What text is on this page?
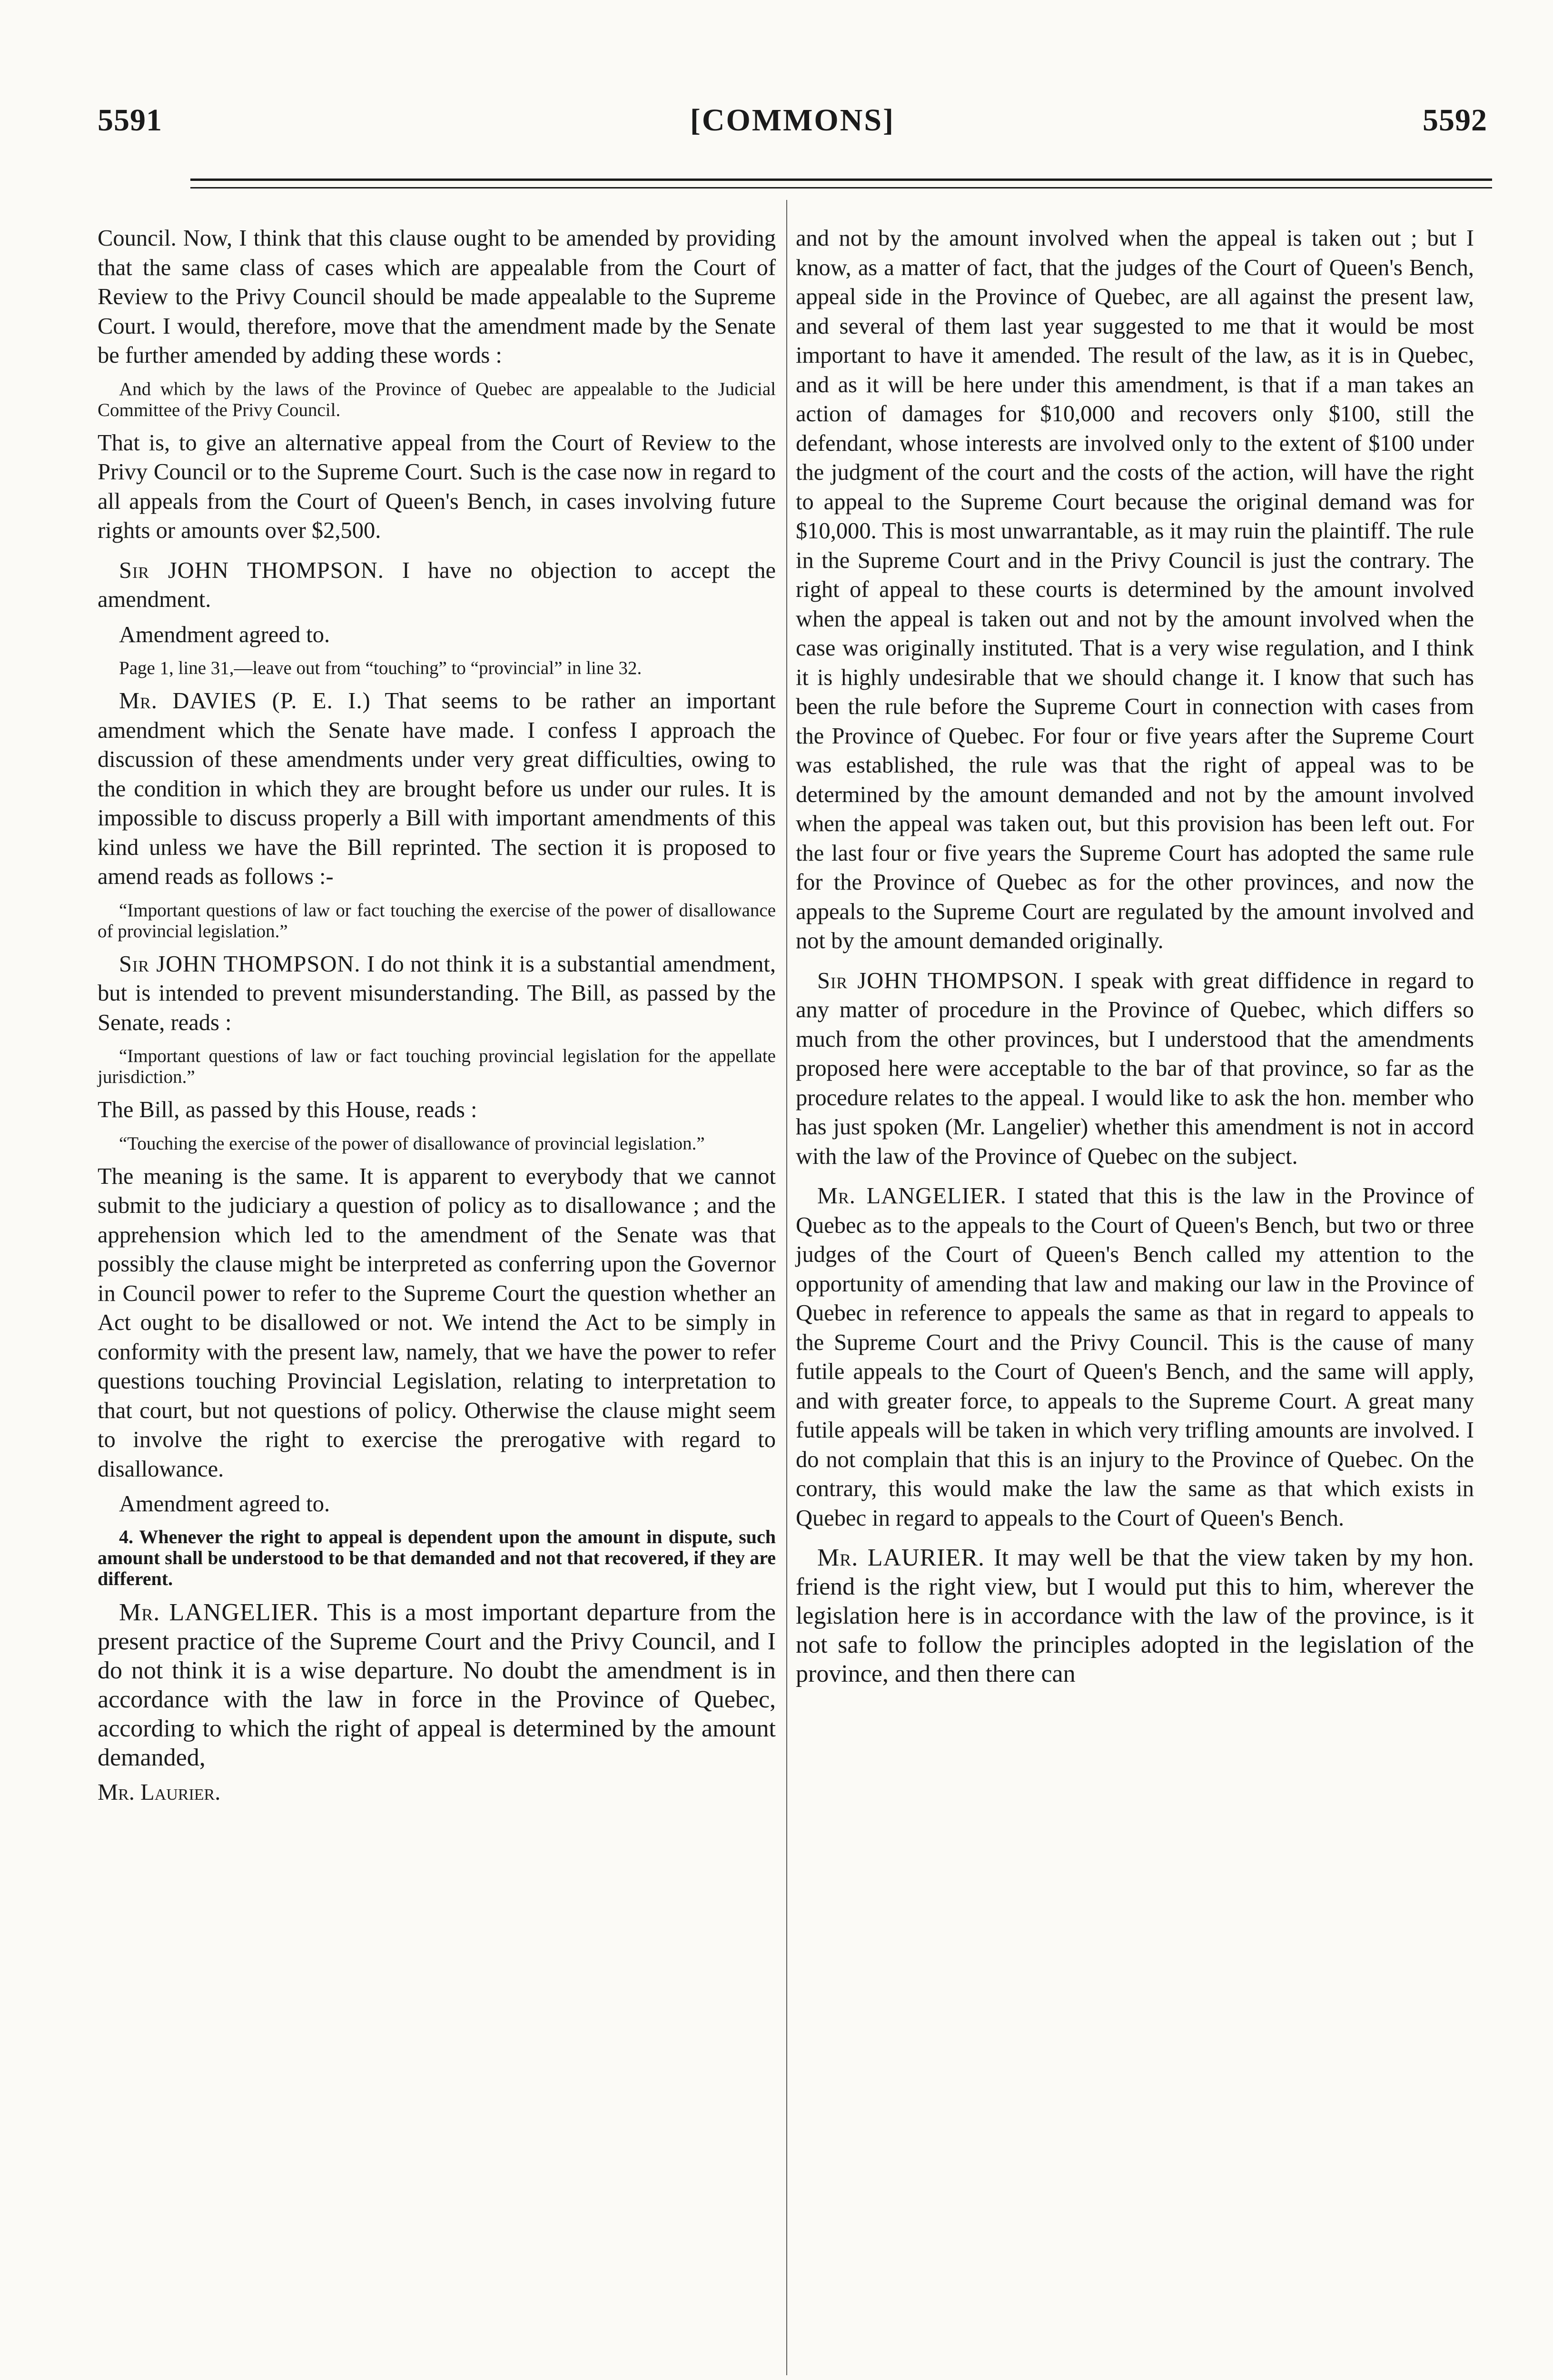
5591	[COMMONS]	5592

Council. Now, I think that this clause ought to be amended by providing that the same class of cases which are appealable from the Court of Review to the Privy Council should be made appealable to the Supreme Court. I would, therefore, move that the amendment made by the Senate be further amended by adding these words :

And which by the laws of the Province of Quebec are appealable to the Judicial Committee of the Privy Council.

That is, to give an alternative appeal from the Court of Review to the Privy Council or to the Supreme Court. Such is the case now in regard to all appeals from the Court of Queen's Bench, in cases involving future rights or amounts over $2,500.

Sir JOHN THOMPSON. I have no objection to accept the amendment.

Amendment agreed to.

Page 1, line 31,—leave out from “touching” to “provincial” in line 32.

Mr. DAVIES (P. E. I.) That seems to be rather an important amendment which the Senate have made. I confess I approach the discussion of these amendments under very great difficulties, owing to the condition in which they are brought before us under our rules. It is impossible to discuss properly a Bill with important amendments of this kind unless we have the Bill reprinted. The section it is proposed to amend reads as follows :-

“Important questions of law or fact touching the exercise of the power of disallowance of provincial legislation.”

Sir JOHN THOMPSON. I do not think it is a substantial amendment, but is intended to prevent misunderstanding. The Bill, as passed by the Senate, reads :

“Important questions of law or fact touching provincial legislation for the appellate jurisdiction.”

The Bill, as passed by this House, reads :

“Touching the exercise of the power of disallowance of provincial legislation.”

The meaning is the same. It is apparent to everybody that we cannot submit to the judiciary a question of policy as to disallowance ; and the apprehension which led to the amendment of the Senate was that possibly the clause might be interpreted as conferring upon the Governor in Council power to refer to the Supreme Court the question whether an Act ought to be disallowed or not. We intend the Act to be simply in conformity with the present law, namely, that we have the power to refer questions touching Provincial Legislation, relating to interpretation to that court, but not questions of policy. Otherwise the clause might seem to involve the right to exercise the prerogative with regard to disallowance.

Amendment agreed to.

4. Whenever the right to appeal is dependent upon the amount in dispute, such amount shall be understood to be that demanded and not that recovered, if they are different.

Mr. LANGELIER. This is a most important departure from the present practice of the Supreme Court and the Privy Council, and I do not think it is a wise departure. No doubt the amendment is in accordance with the law in force in the Province of Quebec, according to which the right of appeal is determined by the amount demanded,

Mr. Laurier.

and not by the amount involved when the appeal is taken out ; but I know, as a matter of fact, that the judges of the Court of Queen's Bench, appeal side in the Province of Quebec, are all against the present law, and several of them last year suggested to me that it would be most important to have it amended. The result of the law, as it is in Quebec, and as it will be here under this amendment, is that if a man takes an action of damages for $10,000 and recovers only $100, still the defendant, whose interests are involved only to the extent of $100 under the judgment of the court and the costs of the action, will have the right to appeal to the Supreme Court because the original demand was for $10,000. This is most unwarrantable, as it may ruin the plaintiff. The rule in the Supreme Court and in the Privy Council is just the contrary. The right of appeal to these courts is determined by the amount involved when the appeal is taken out and not by the amount involved when the case was originally instituted. That is a very wise regulation, and I think it is highly undesirable that we should change it. I know that such has been the rule before the Supreme Court in connection with cases from the Province of Quebec. For four or five years after the Supreme Court was established, the rule was that the right of appeal was to be determined by the amount demanded and not by the amount involved when the appeal was taken out, but this provision has been left out. For the last four or five years the Supreme Court has adopted the same rule for the Province of Quebec as for the other provinces, and now the appeals to the Supreme Court are regulated by the amount involved and not by the amount demanded originally.

Sir JOHN THOMPSON. I speak with great diffidence in regard to any matter of procedure in the Province of Quebec, which differs so much from the other provinces, but I understood that the amendments proposed here were acceptable to the bar of that province, so far as the procedure relates to the appeal. I would like to ask the hon. member who has just spoken (Mr. Langelier) whether this amendment is not in accord with the law of the Province of Quebec on the subject.

Mr. LANGELIER. I stated that this is the law in the Province of Quebec as to the appeals to the Court of Queen's Bench, but two or three judges of the Court of Queen's Bench called my attention to the opportunity of amending that law and making our law in the Province of Quebec in reference to appeals the same as that in regard to appeals to the Supreme Court and the Privy Council. This is the cause of many futile appeals to the Court of Queen's Bench, and the same will apply, and with greater force, to appeals to the Supreme Court. A great many futile appeals will be taken in which very trifling amounts are involved. I do not complain that this is an injury to the Province of Quebec. On the contrary, this would make the law the same as that which exists in Quebec in regard to appeals to the Court of Queen's Bench.

Mr. LAURIER. It may well be that the view taken by my hon. friend is the right view, but I would put this to him, wherever the legislation here is in accordance with the law of the province, is it not safe to follow the principles adopted in the legislation of the province, and then there can
